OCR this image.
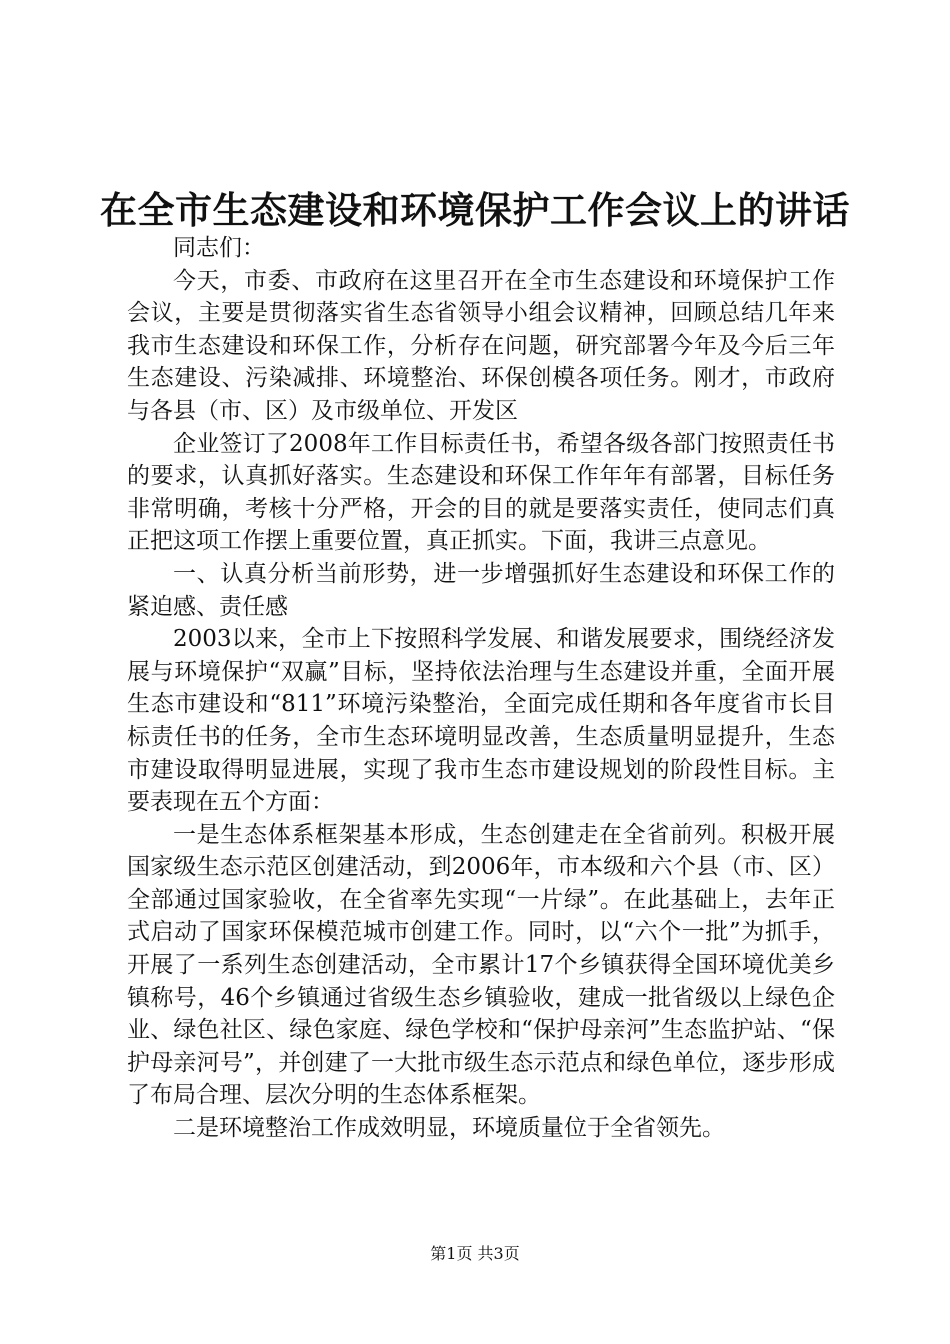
在全市生态建设和环境保护工作会议上的讲话

同志们：

今天，市委、市政府在这里召开在全市生态建设和环境保护工作会议，主要是贯彻落实省生态省领导小组会议精神，回顾总结几年来我市生态建设和环保工作，分析存在问题，研究部署今年及今后三年生态建设、污染减排、环境整治、环保创模各项任务。刚才，市政府与各县（市、区）及市级单位、开发区

企业签订了2008年工作目标责任书，希望各级各部门按照责任书的要求，认真抓好落实。生态建设和环保工作年年有部署，目标任务非常明确，考核十分严格，开会的目的就是要落实责任，使同志们真正把这项工作摆上重要位置，真正抓实。下面，我讲三点意见。

一、认真分析当前形势，进一步增强抓好生态建设和环保工作的紧迫感、责任感

2003以来，全市上下按照科学发展、和谐发展要求，围绕经济发展与环境保护“双赢”目标，坚持依法治理与生态建设并重，全面开展生态市建设和“811”环境污染整治，全面完成任期和各年度省市长目标责任书的任务，全市生态环境明显改善，生态质量明显提升，生态市建设取得明显进展，实现了我市生态市建设规划的阶段性目标。主要表现在五个方面：

一是生态体系框架基本形成，生态创建走在全省前列。积极开展国家级生态示范区创建活动，到2006年，市本级和六个县（市、区）全部通过国家验收，在全省率先实现“一片绿”。在此基础上，去年正式启动了国家环保模范城市创建工作。同时，以“六个一批”为抓手，开展了一系列生态创建活动，全市累计17个乡镇获得全国环境优美乡镇称号，46个乡镇通过省级生态乡镇验收，建成一批省级以上绿色企业、绿色社区、绿色家庭、绿色学校和“保护母亲河”生态监护站、“保护母亲河号”，并创建了一大批市级生态示范点和绿色单位，逐步形成了布局合理、层次分明的生态体系框架。

二是环境整治工作成效明显，环境质量位于全省领先。

第1页 共3页
